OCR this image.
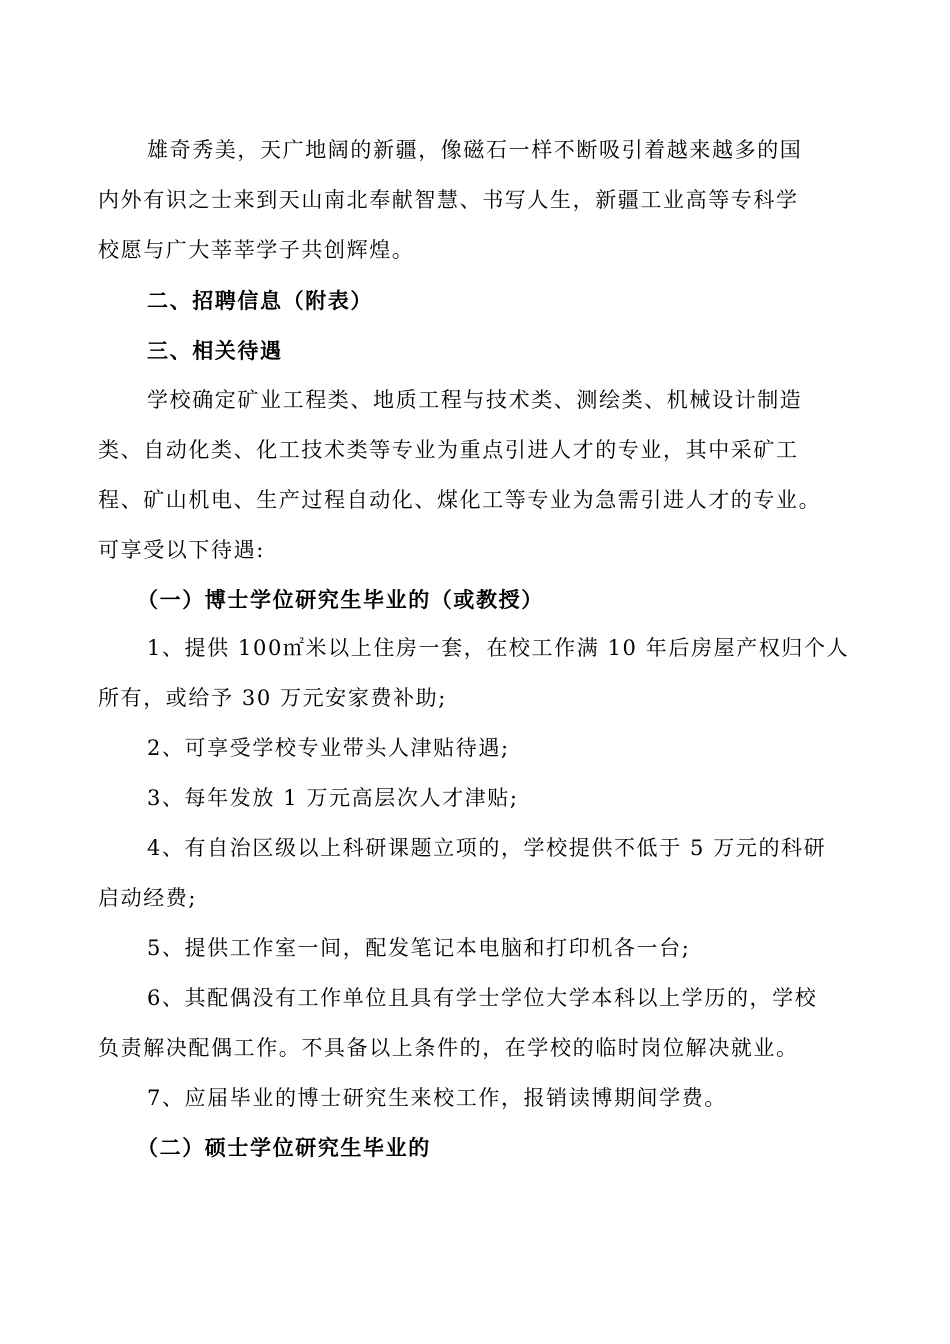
雄奇秀美，天广地阔的新疆，像磁石一样不断吸引着越来越多的国
内外有识之士来到天山南北奉献智慧、书写人生，新疆工业高等专科学
校愿与广大莘莘学子共创辉煌。
二、招聘信息（附表）
三、相关待遇
学校确定矿业工程类、地质工程与技术类、测绘类、机械设计制造
类、自动化类、化工技术类等专业为重点引进人才的专业，其中采矿工
程、矿山机电、生产过程自动化、煤化工等专业为急需引进人才的专业。
可享受以下待遇:
（一）博士学位研究生毕业的（或教授）
1、提供 100㎡米以上住房一套，在校工作满 10 年后房屋产权归个人
所有，或给予 30 万元安家费补助;
2、可享受学校专业带头人津贴待遇;
3、每年发放 1 万元高层次人才津贴;
4、有自治区级以上科研课题立项的，学校提供不低于 5 万元的科研
启动经费;
5、提供工作室一间，配发笔记本电脑和打印机各一台;
6、其配偶没有工作单位且具有学士学位大学本科以上学历的，学校
负责解决配偶工作。不具备以上条件的，在学校的临时岗位解决就业。
7、应届毕业的博士研究生来校工作，报销读博期间学费。
（二）硕士学位研究生毕业的
